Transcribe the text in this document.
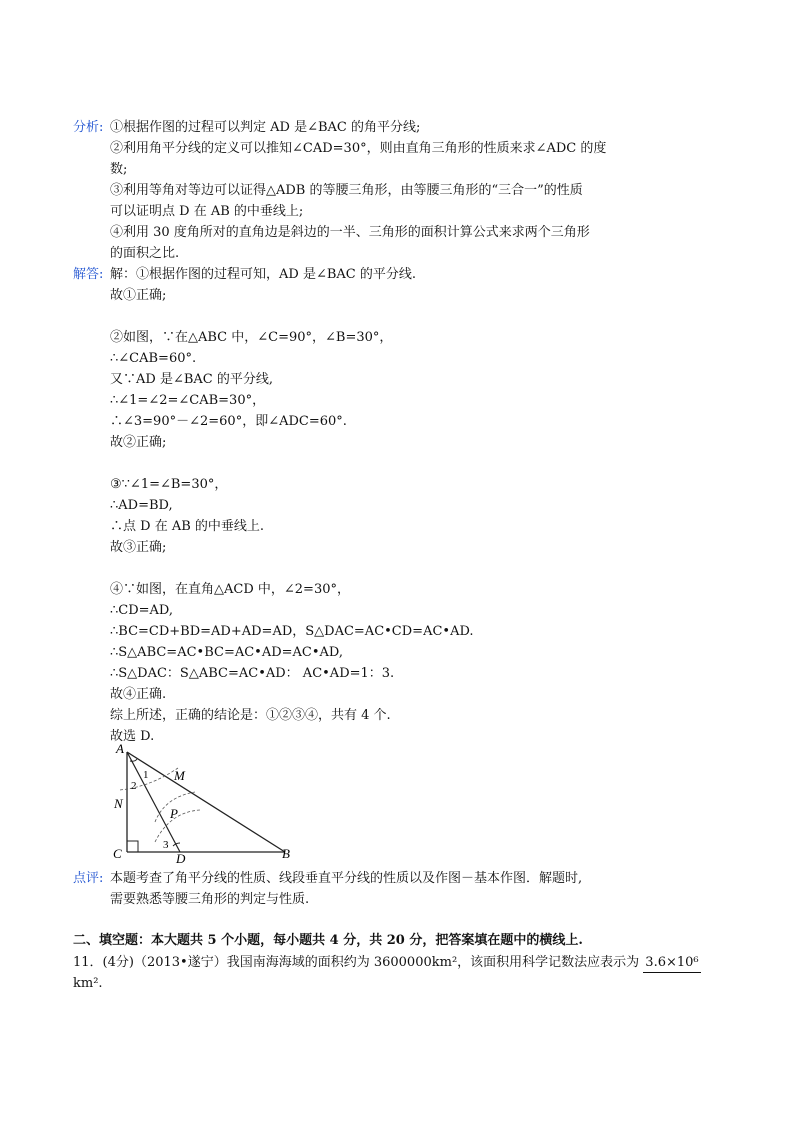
分析: ①根据作图的过程可以判定 AD 是∠BAC 的角平分线;
②利用角平分线的定义可以推知∠CAD=30°，则由直角三角形的性质来求∠ADC 的度
数;
③利用等角对等边可以证得△ADB 的等腰三角形，由等腰三角形的“三合一”的性质
可以证明点 D 在 AB 的中垂线上;
④利用 30 度角所对的直角边是斜边的一半、三角形的面积计算公式来求两个三角形
的面积之比.
解答: 解：①根据作图的过程可知，AD 是∠BAC 的平分线.
故①正确;
②如图，∵在△ABC 中，∠C=90°，∠B=30°，
∴∠CAB=60°.
又∵AD 是∠BAC 的平分线,
∴∠1=∠2=∠CAB=30°，
∴∠3=90°－∠2=60°，即∠ADC=60°.
故②正确;
③∵∠1=∠B=30°，
∴AD=BD,
∴点 D 在 AB 的中垂线上.
故③正确;
④∵如图，在直角△ACD 中，∠2=30°，
∴CD=AD,
∴BC=CD+BD=AD+AD=AD，S△DAC=AC•CD=AC•AD.
∴S△ABC=AC•BC=AC•AD=AC•AD,
∴S△DAC：S△ABC=AC•AD： AC•AD=1：3.
故④正确.
综上所述，正确的结论是：①②③④，共有 4 个.
故选 D.
A
M
N
P
C	D	B
1
2
3
点评: 本题考查了角平分线的性质、线段垂直平分线的性质以及作图－基本作图．解题时,
需要熟悉等腰三角形的判定与性质.
二、填空题：本大题共 5 个小题，每小题共 4 分，共 20 分，把答案填在题中的横线上.
11．(4分)（2013•遂宁）我国南海海域的面积约为 3600000km²，该面积用科学记数法应表示为 3.6×10⁶
km².
